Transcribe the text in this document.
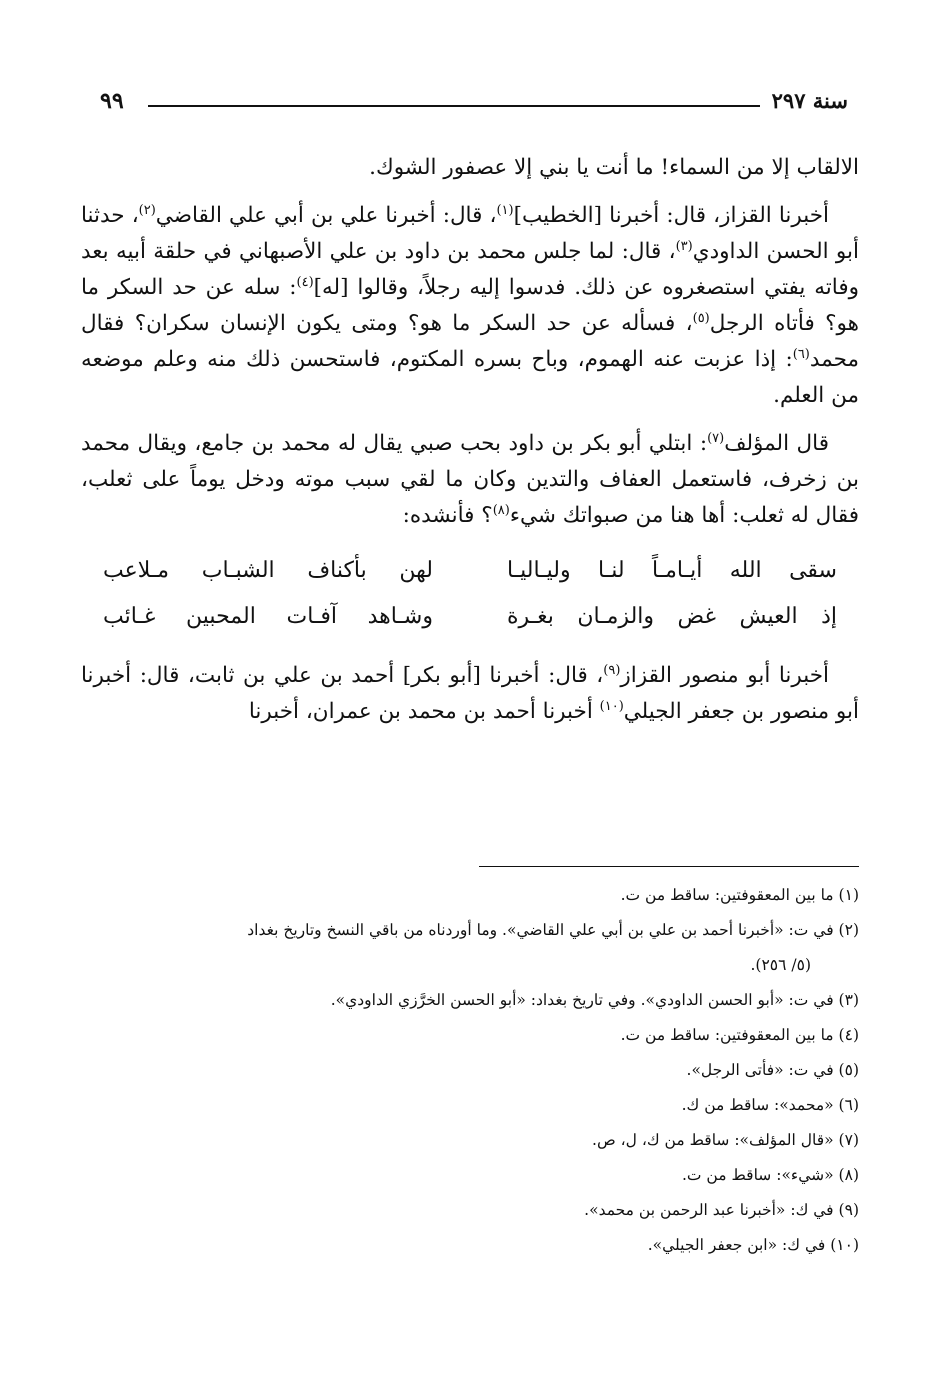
سنة ٢٩٧
٩٩

الالقاب إلا من السماء! ما أنت يا بني إلا عصفور الشوك.

أخبرنا القزاز، قال: أخبرنا [الخطيب]$^{(١)}$، قال: أخبرنا علي بن أبي علي القاضي$^{(٢)}$، حدثنا أبو الحسن الداودي$^{(٣)}$، قال: لما جلس محمد بن داود بن علي الأصبهاني في حلقة أبيه بعد وفاته يفتي استصغروه عن ذلك. فدسوا إليه رجلاً، وقالوا [له]$^{(٤)}$: سله عن حد السكر ما هو؟ فأتاه الرجل$^{(٥)}$، فسأله عن حد السكر ما هو؟ ومتى يكون الإنسان سكران؟ فقال محمد$^{(٦)}$: إذا عزبت عنه الهموم، وباح بسره المكتوم، فاستحسن ذلك منه وعلم موضعه من العلم.

قال المؤلف$^{(٧)}$: ابتلي أبو بكر بن داود بحب صبي يقال له محمد بن جامع، ويقال محمد بن زخرف، فاستعمل العفاف والتدين وكان ما لقي سبب موته ودخل يوماً على ثعلب، فقال له ثعلب: أها هنا من صبواتك شيء$^{(٨)}$؟ فأنشده:

سقى الله أيـامـاً لنـا وليـاليـا
لهن بأكناف الشبـاب مـلاعب
إذ العيش غض والزمـان بغـرة
وشـاهد آفـات المحبين غـائب

أخبرنا أبو منصور القزاز$^{(٩)}$، قال: أخبرنا [أبو بكر] أحمد بن علي بن ثابت، قال: أخبرنا أبو منصور بن جعفر الجيلي$^{(١٠)}$ أخبرنا أحمد بن محمد بن عمران، أخبرنا

(١) ما بين المعقوفتين: ساقط من ت.

(٢) في ت: «أخبرنا أحمد بن علي بن أبي علي القاضي». وما أوردناه من باقي النسخ وتاريخ بغداد
(٥/ ٢٥٦).

(٣) في ت: «أبو الحسن الداودي». وفي تاريخ بغداد: «أبو الحسن الخرَّزي الداودي».

(٤) ما بين المعقوفتين: ساقط من ت.

(٥) في ت: «فأتى الرجل».

(٦) «محمد»: ساقط من ك.

(٧) «قال المؤلف»: ساقط من ك، ل، ص.

(٨) «شيء»: ساقط من ت.

(٩) في ك: «أخبرنا عبد الرحمن بن محمد».

(١٠) في ك: «ابن جعفر الجيلي».
